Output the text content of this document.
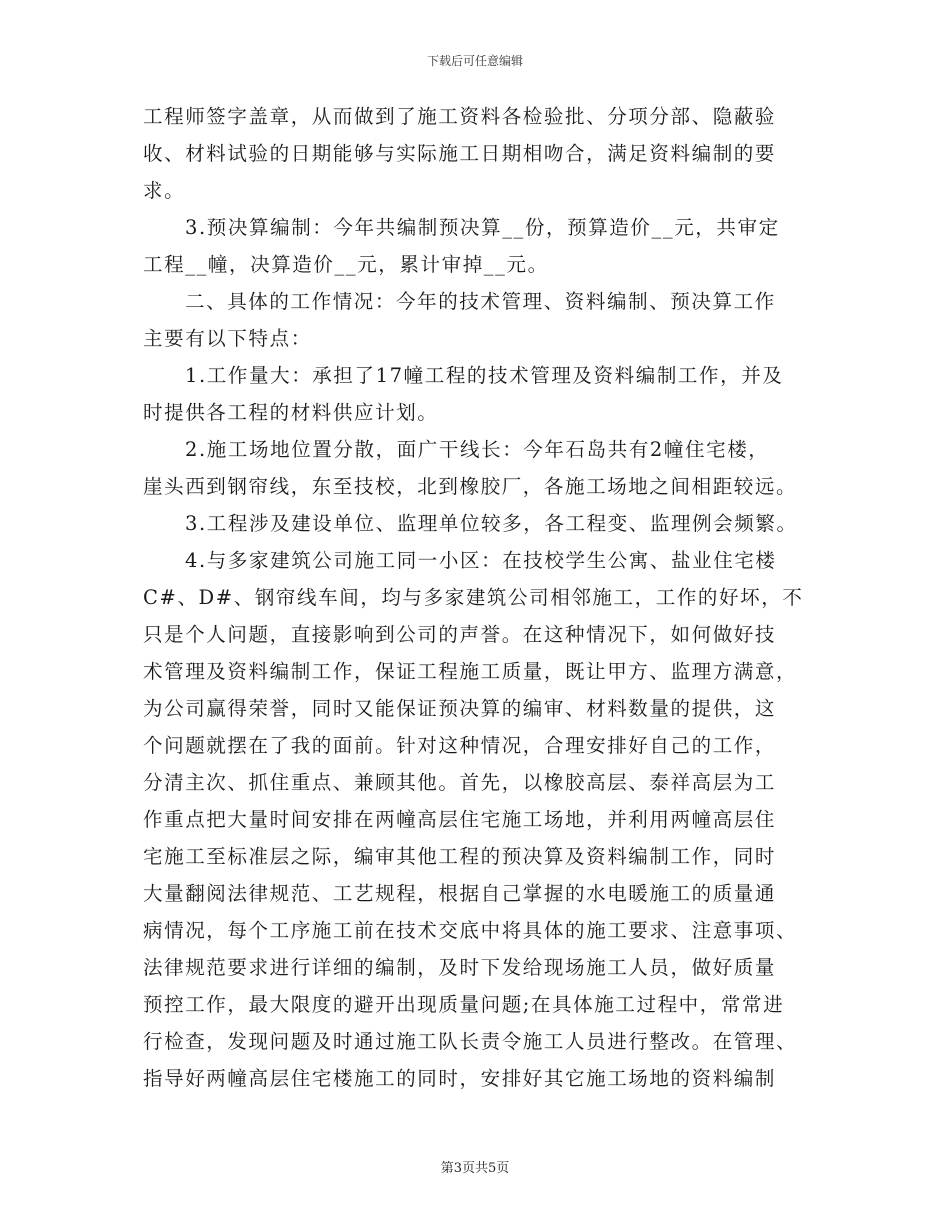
下载后可任意编辑
工程师签字盖章，从而做到了施工资料各检验批、分项分部、隐蔽验
收、材料试验的日期能够与实际施工日期相吻合，满足资料编制的要
求。
3.预决算编制：今年共编制预决算__份，预算造价__元，共审定
工程__幢，决算造价__元，累计审掉__元。
二、具体的工作情况：今年的技术管理、资料编制、预决算工作
主要有以下特点：
1.工作量大：承担了17幢工程的技术管理及资料编制工作，并及
时提供各工程的材料供应计划。
2.施工场地位置分散，面广干线长：今年石岛共有2幢住宅楼，
崖头西到钢帘线，东至技校，北到橡胶厂，各施工场地之间相距较远。
3.工程涉及建设单位、监理单位较多，各工程变、监理例会频繁。
4.与多家建筑公司施工同一小区：在技校学生公寓、盐业住宅楼
C#、D#、钢帘线车间，均与多家建筑公司相邻施工，工作的好坏，不
只是个人问题，直接影响到公司的声誉。在这种情况下，如何做好技
术管理及资料编制工作，保证工程施工质量，既让甲方、监理方满意，
为公司赢得荣誉，同时又能保证预决算的编审、材料数量的提供，这
个问题就摆在了我的面前。针对这种情况，合理安排好自己的工作，
分清主次、抓住重点、兼顾其他。首先，以橡胶高层、泰祥高层为工
作重点把大量时间安排在两幢高层住宅施工场地，并利用两幢高层住
宅施工至标准层之际，编审其他工程的预决算及资料编制工作，同时
大量翻阅法律规范、工艺规程，根据自己掌握的水电暖施工的质量通
病情况，每个工序施工前在技术交底中将具体的施工要求、注意事项、
法律规范要求进行详细的编制，及时下发给现场施工人员，做好质量
预控工作，最大限度的避开出现质量问题;在具体施工过程中，常常进
行检查，发现问题及时通过施工队长责令施工人员进行整改。在管理、
指导好两幢高层住宅楼施工的同时，安排好其它施工场地的资料编制
第3页共5页
